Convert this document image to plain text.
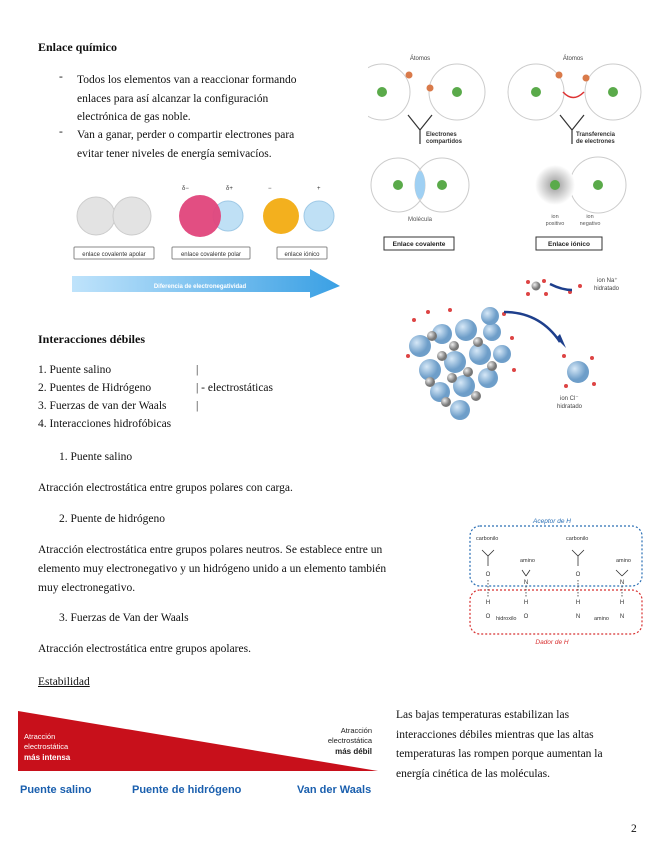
Enlace químico
- Todos los elementos van a reaccionar formando
enlaces para así alcanzar la configuración
electrónica de gas noble.
- Van a ganar, perder o compartir electrones para
evitar tener niveles de energía semivacíos.
δ−	δ+	−	+
enlace covalente apolar	enlace covalente polar	enlace iónico
Diferencia de electronegatividad
Átomos	Átomos
Electrones
compartidos
Transferencia
de electrones
Molécula	ion
positivo
ion
negativo
Enlace covalente	Enlace iónico
ion Na⁺
hidratado
ion Cl⁻
hidratado
Interacciones débiles
1. Puente salino	|
2. Puentes de Hidrógeno	| - electrostáticas
3. Fuerzas de van der Waals	|
4. Interacciones hidrofóbicas
1. Puente salino
Atracción electrostática entre grupos polares con carga.
2. Puente de hidrógeno
Atracción electrostática entre grupos polares neutros. Se establece entre un
elemento muy electronegativo y un hidrógeno unido a un elemento también
muy electronegativo.
3. Fuerzas de Van der Waals
Atracción electrostática entre grupos apolares.
Aceptor de H
Dador de H
carbonilo	carbonilo
amino	amino
hidroxilo	amino
O
N
O
N
H	H	H	H
O	O	N	N
Estabilidad
Atracción
electrostática
más intensa
Atracción
electrostática
más débil
Puente salino	Puente de hidrógeno	Van der Waals
Las bajas temperaturas estabilizan las
interacciones débiles mientras que las altas
temperaturas las rompen porque aumentan la
energía cinética de las moléculas.
2
